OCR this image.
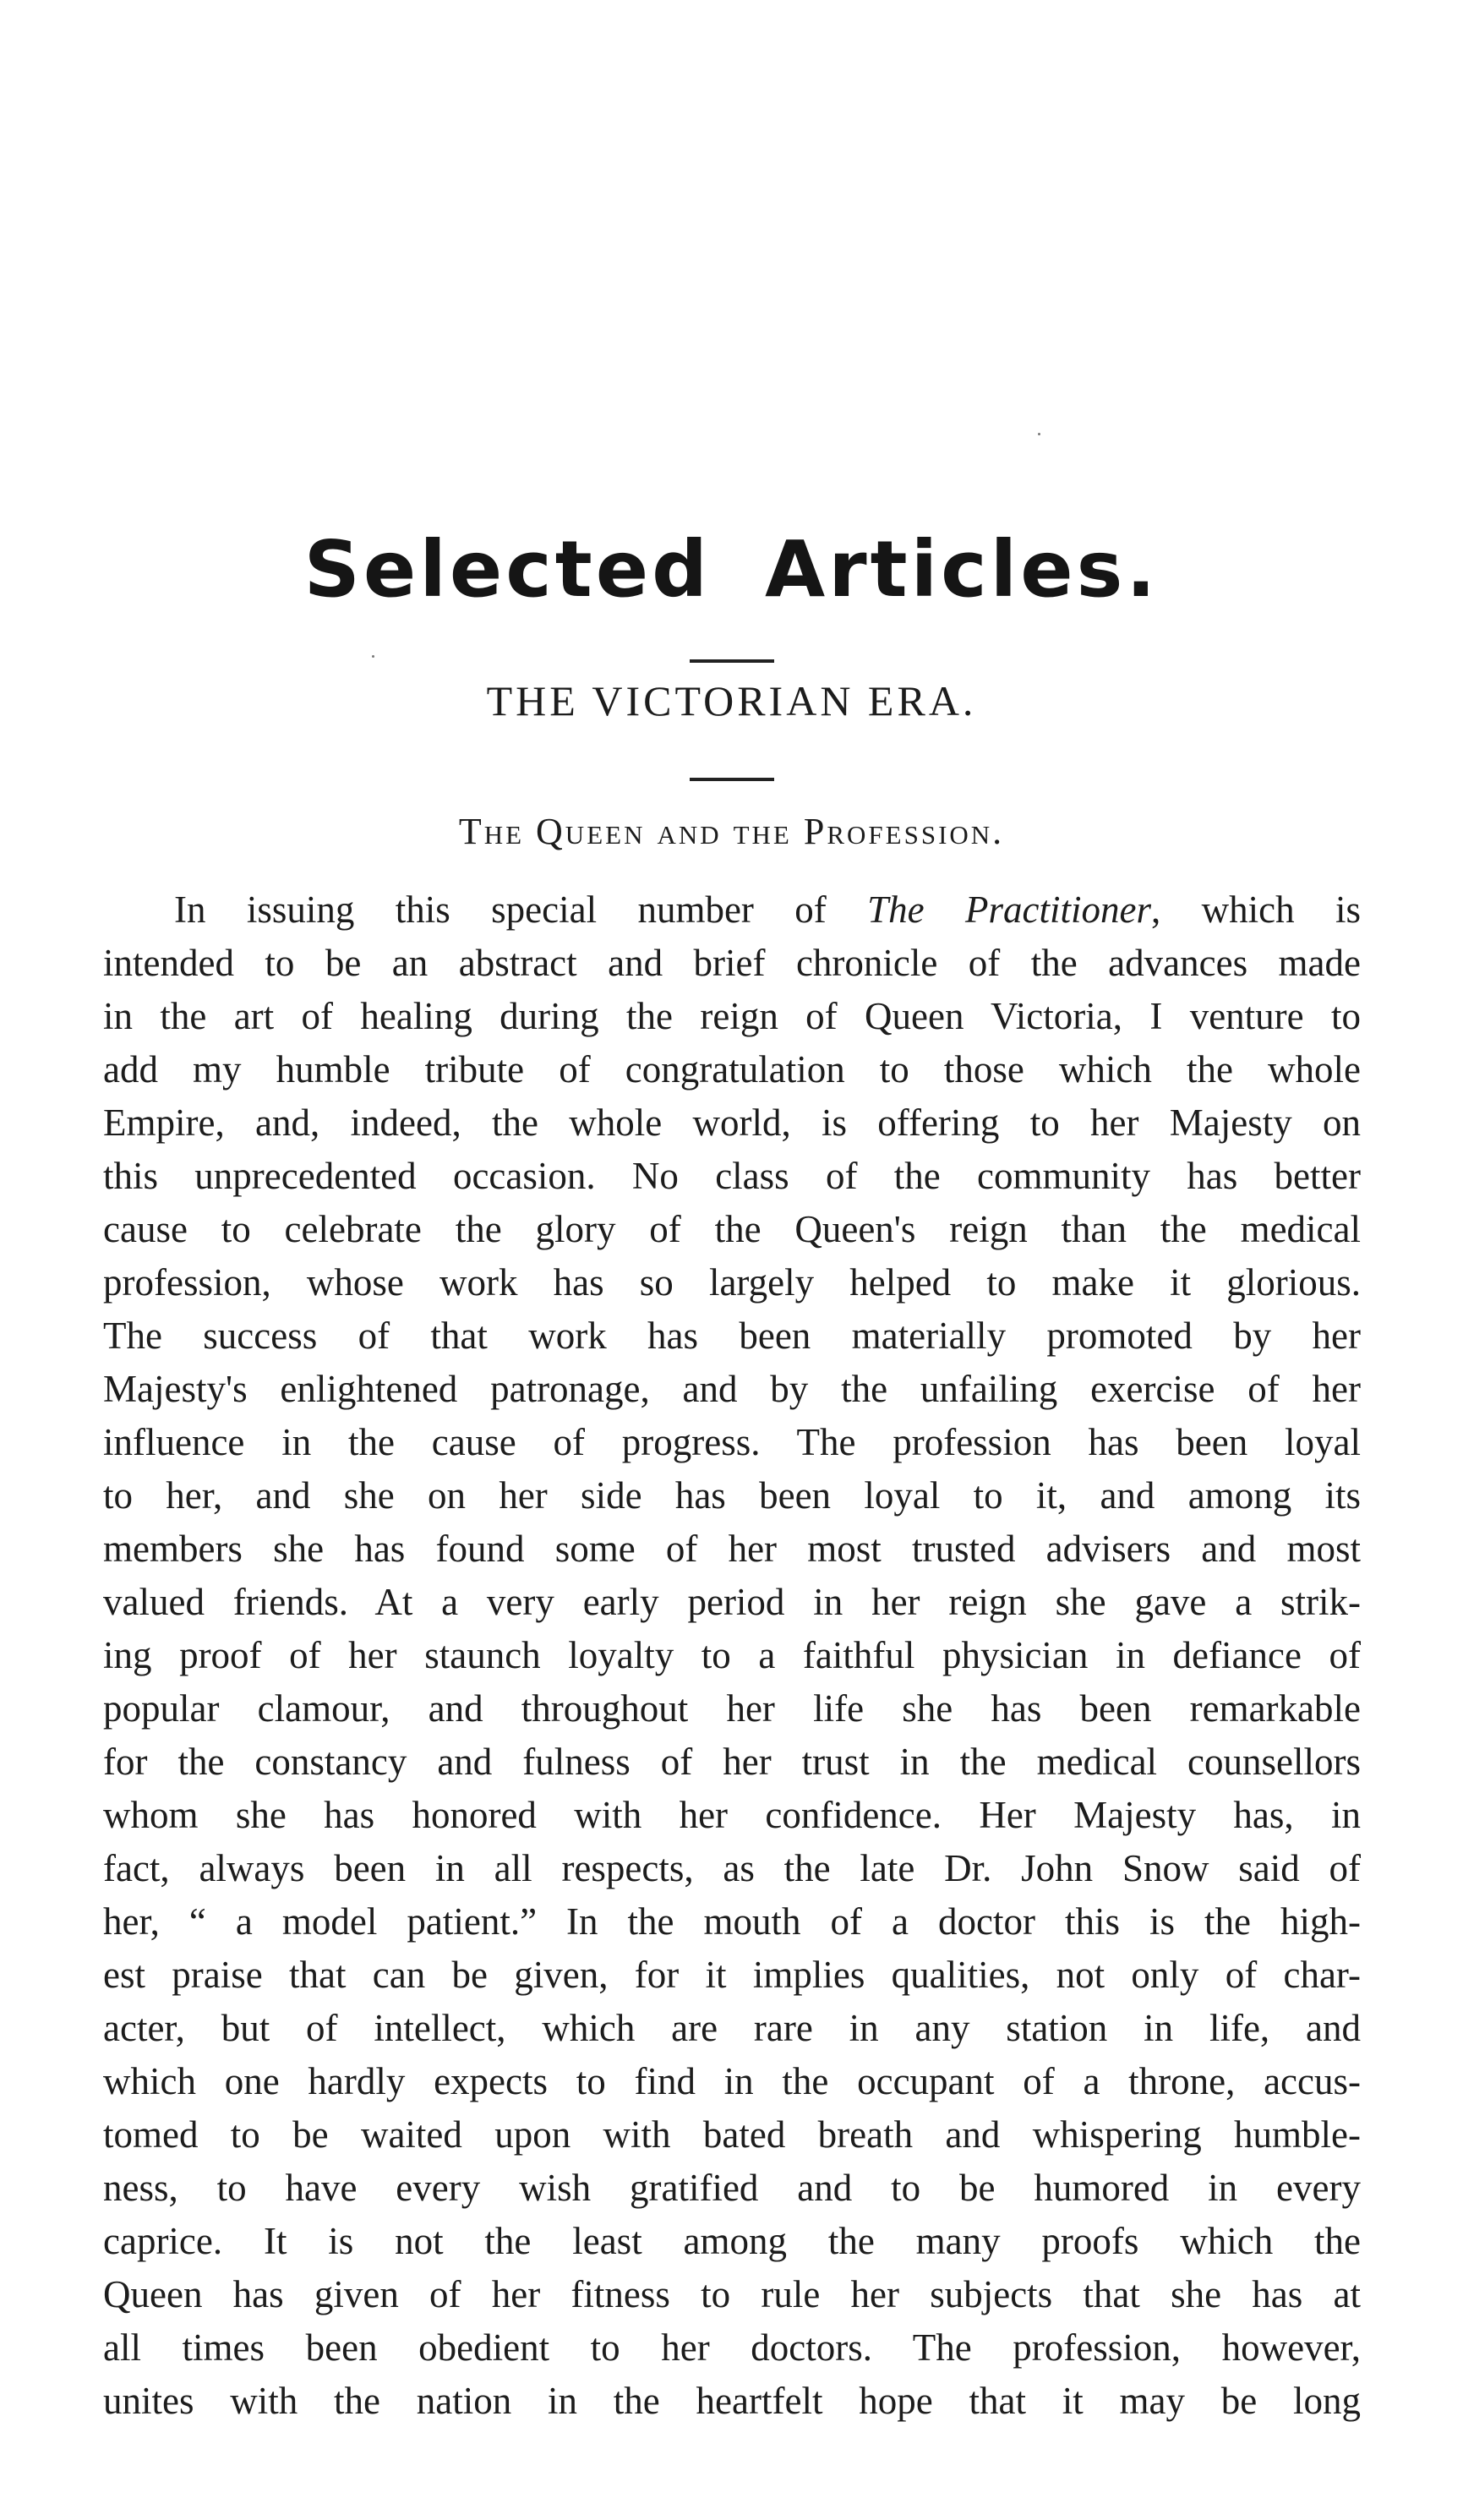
Selected Articles.
THE VICTORIAN ERA.
The Queen and the Profession.
In issuing this special number of The Practitioner, which is
intended to be an abstract and brief chronicle of the advances made
in the art of healing during the reign of Queen Victoria, I venture to
add my humble tribute of congratulation to those which the whole
Empire, and, indeed, the whole world, is offering to her Majesty on
this unprecedented occasion. No class of the community has better
cause to celebrate the glory of the Queen's reign than the medical
profession, whose work has so largely helped to make it glorious.
The success of that work has been materially promoted by her
Majesty's enlightened patronage, and by the unfailing exercise of her
influence in the cause of progress. The profession has been loyal
to her, and she on her side has been loyal to it, and among its
members she has found some of her most trusted advisers and most
valued friends. At a very early period in her reign she gave a strik-
ing proof of her staunch loyalty to a faithful physician in defiance of
popular clamour, and throughout her life she has been remarkable
for the constancy and fulness of her trust in the medical counsellors
whom she has honored with her confidence. Her Majesty has, in
fact, always been in all respects, as the late Dr. John Snow said of
her, “ a model patient.” In the mouth of a doctor this is the high-
est praise that can be given, for it implies qualities, not only of char-
acter, but of intellect, which are rare in any station in life, and
which one hardly expects to find in the occupant of a throne, accus-
tomed to be waited upon with bated breath and whispering humble-
ness, to have every wish gratified and to be humored in every
caprice. It is not the least among the many proofs which the
Queen has given of her fitness to rule her subjects that she has at
all times been obedient to her doctors. The profession, however,
unites with the nation in the heartfelt hope that it may be long
